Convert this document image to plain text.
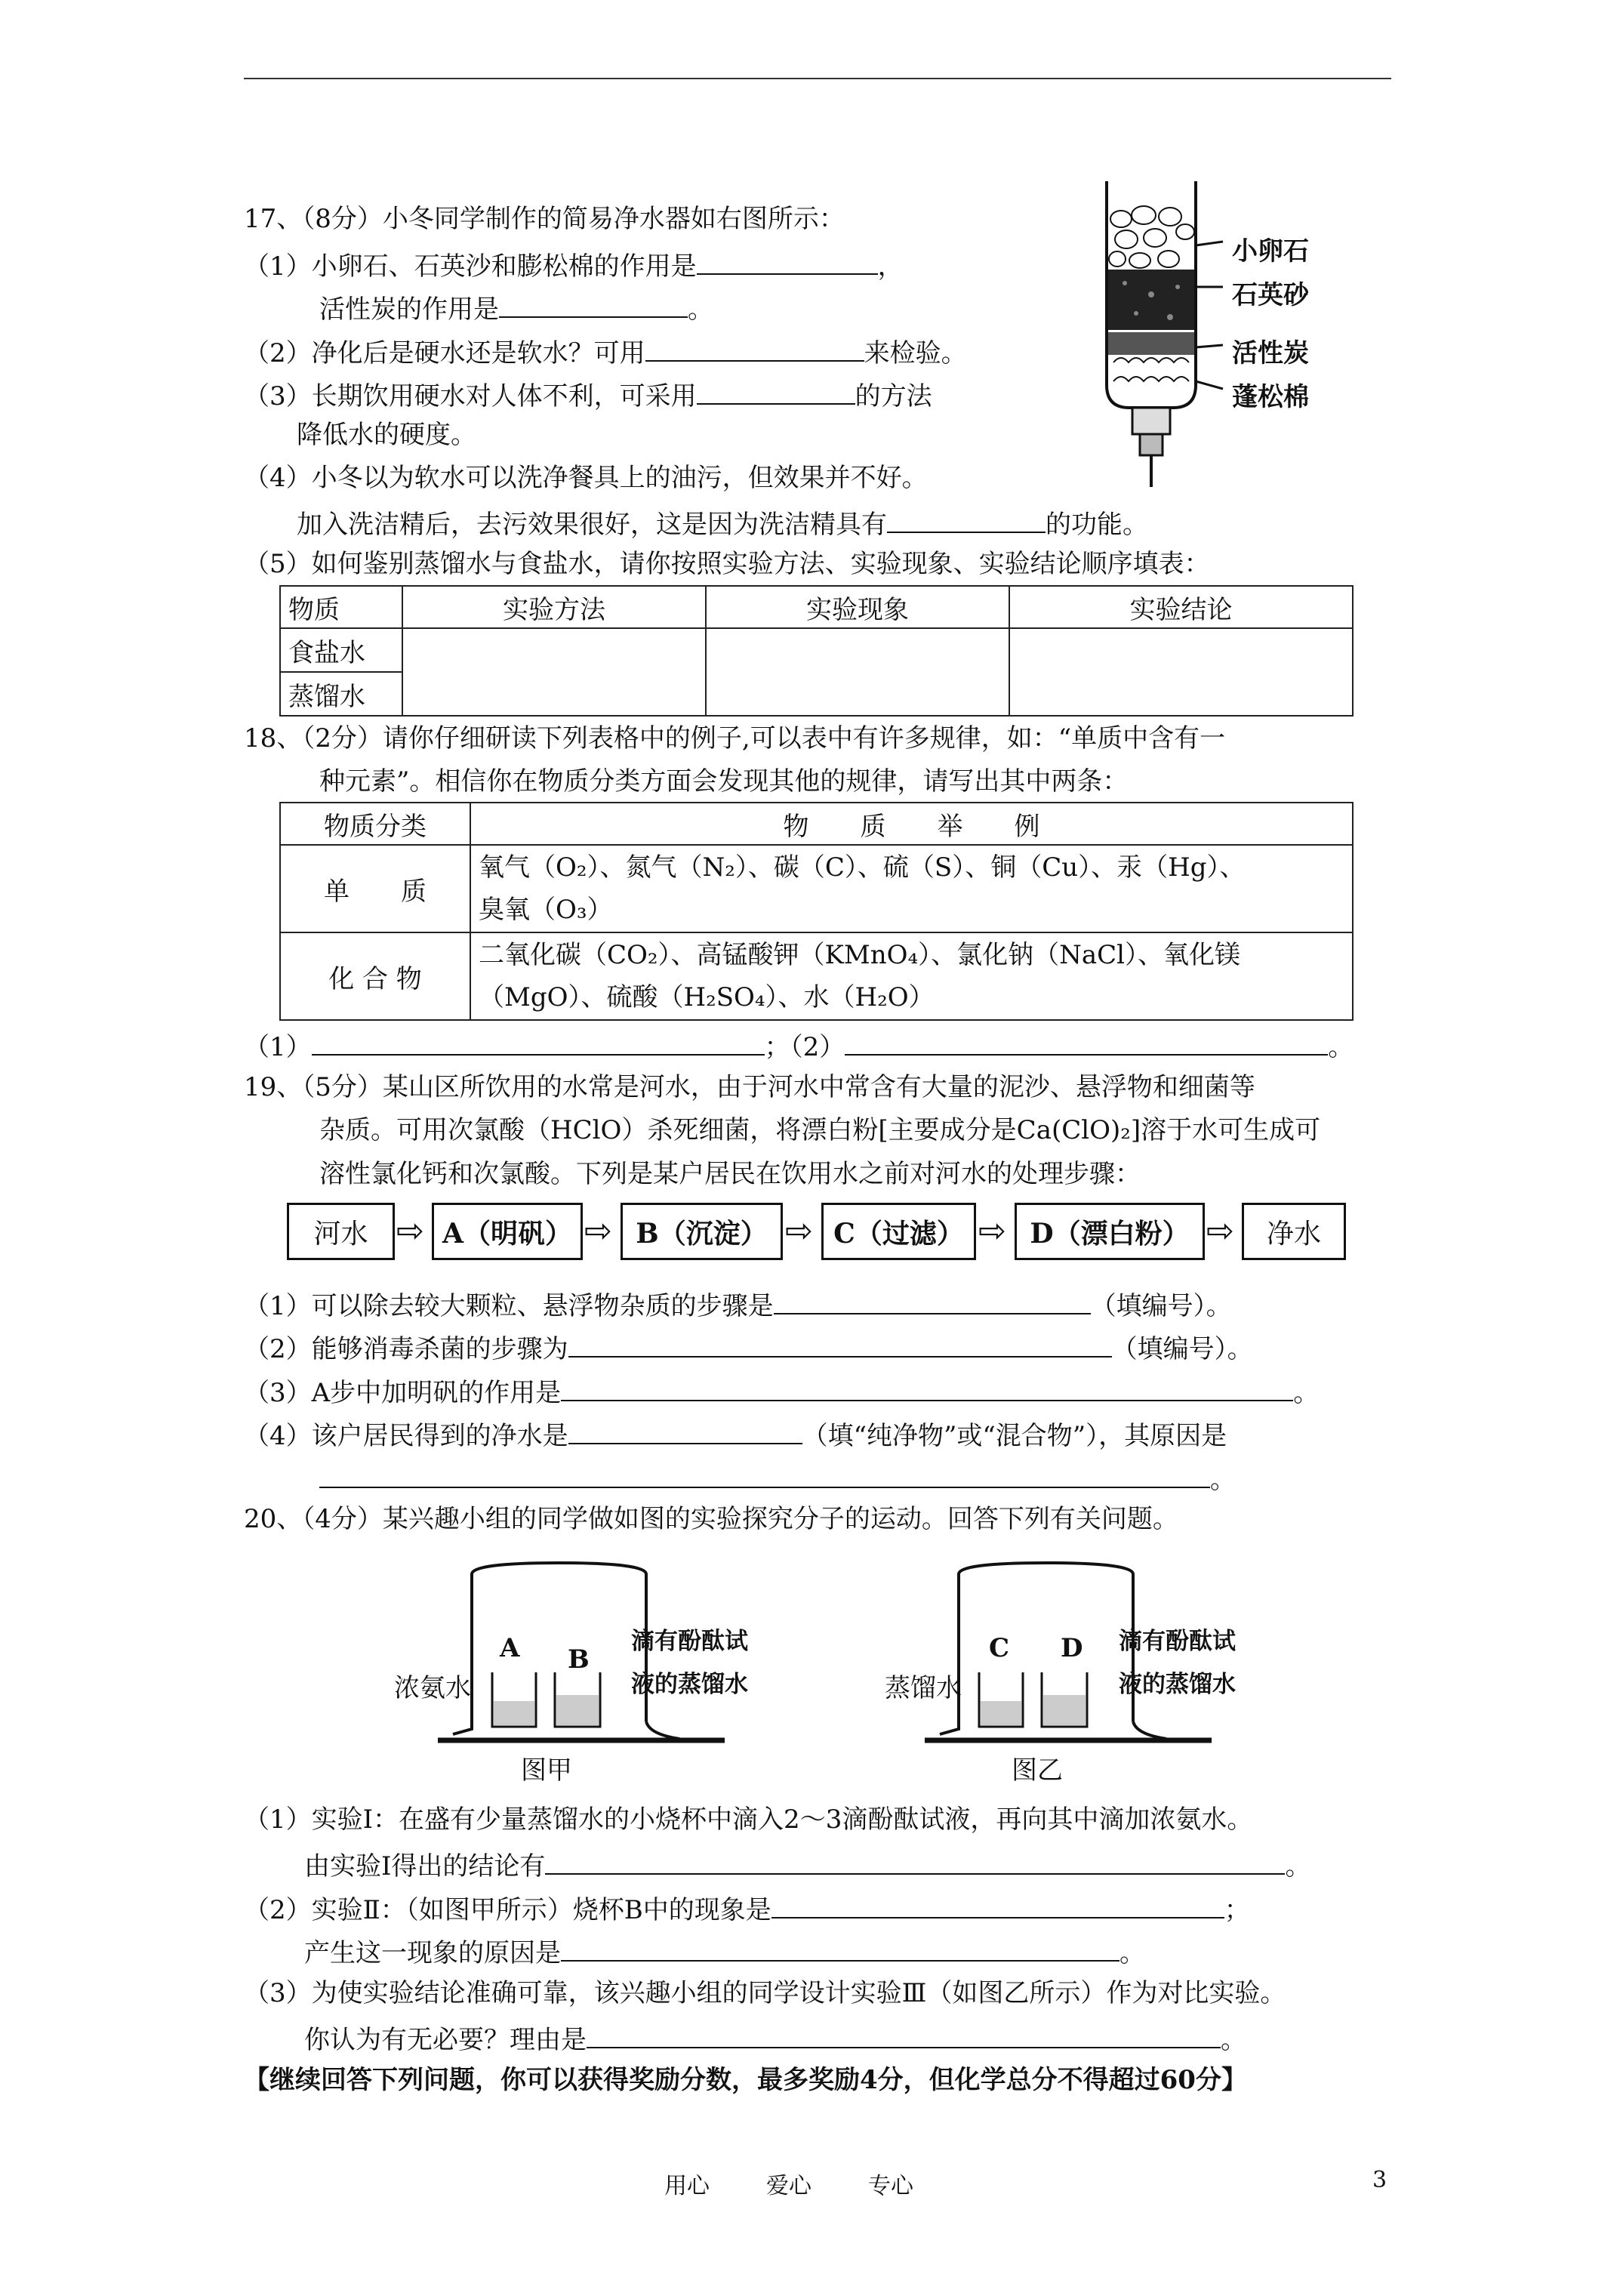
17、（8分）小冬同学制作的简易净水器如右图所示：
（1）小卵石、石英沙和膨松棉的作用是	，
活性炭的作用是	。
（2）净化后是硬水还是软水？可用	来检验。
（3）长期饮用硬水对人体不利，可采用	的方法
降低水的硬度。
（4）小冬以为软水可以洗净餐具上的油污，但效果并不好。
加入洗洁精后，去污效果很好，这是因为洗洁精具有	的功能。
（5）如何鉴别蒸馏水与食盐水，请你按照实验方法、实验现象、实验结论顺序填表：
小卵石
石英砂
活性炭
蓬松棉
物质	实验方法	实验现象	实验结论
食盐水			
蒸馏水			
18、（2分）请你仔细研读下列表格中的例子,可以表中有许多规律，如：“单质中含有一
种元素”。相信你在物质分类方面会发现其他的规律，请写出其中两条：
物质分类	物　　质　　举　　例
单　　质	氧气（O₂）、氮气（N₂）、碳（C）、硫（S）、铜（Cu）、汞（Hg）、
臭氧（O₃）

化 合 物	二氧化碳（CO₂）、高锰酸钾（KMnO₄）、氯化钠（NaCl）、氧化镁
（MgO）、硫酸（H₂SO₄）、水（H₂O）
（1）	；（2）	。
19、（5分）某山区所饮用的水常是河水，由于河水中常含有大量的泥沙、悬浮物和细菌等
杂质。可用次氯酸（HClO）杀死细菌，将漂白粉[主要成分是Ca(ClO)₂]溶于水可生成可
溶性氯化钙和次氯酸。下列是某户居民在饮用水之前对河水的处理步骤：
河水 ⇨ A（明矾） ⇨ B（沉淀） ⇨ C（过滤） ⇨ D（漂白粉） ⇨	净水
（1）可以除去较大颗粒、悬浮物杂质的步骤是	（填编号）。
（2）能够消毒杀菌的步骤为	（填编号）。
（3）A步中加明矾的作用是	。
（4）该户居民得到的净水是	（填“纯净物”或“混合物”），其原因是
。
20、（4分）某兴趣小组的同学做如图的实验探究分子的运动。回答下列有关问题。
浓氨水
A B
滴有酚酞试
液的蒸馏水
图甲
蒸馏水
C D 滴有酚酞试
液的蒸馏水
图乙
（1）实验Ⅰ：在盛有少量蒸馏水的小烧杯中滴入2～3滴酚酞试液，再向其中滴加浓氨水。
由实验Ⅰ得出的结论有	。
（2）实验Ⅱ：（如图甲所示）烧杯B中的现象是	；
产生这一现象的原因是	。
（3）为使实验结论准确可靠，该兴趣小组的同学设计实验Ⅲ（如图乙所示）作为对比实验。
你认为有无必要？理由是	。
【继续回答下列问题，你可以获得奖励分数，最多奖励4分，但化学总分不得超过60分】
用心	爱心	专心	3
